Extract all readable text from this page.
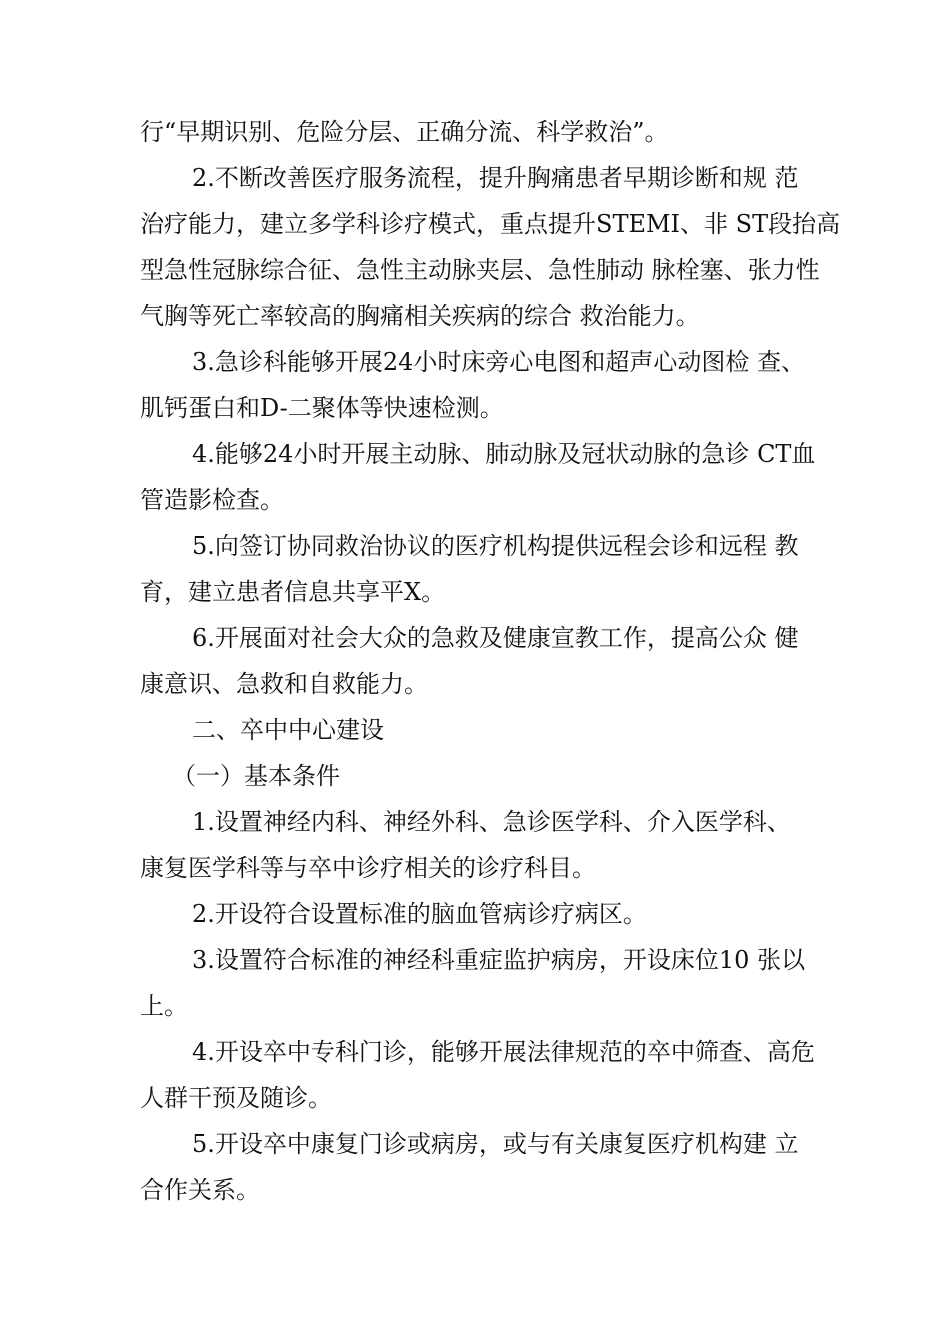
行“早期识别、危险分层、正确分流、科学救治”。
2.不断改善医疗服务流程，提升胸痛患者早期诊断和规 范
治疗能力，建立多学科诊疗模式，重点提升STEMI、非 ST段抬高
型急性冠脉综合征、急性主动脉夹层、急性肺动 脉栓塞、张力性
气胸等死亡率较高的胸痛相关疾病的综合 救治能力。
3.急诊科能够开展24小时床旁心电图和超声心动图检 查、
肌钙蛋白和D-二聚体等快速检测。
4.能够24小时开展主动脉、肺动脉及冠状动脉的急诊 CT血
管造影检查。
5.向签订协同救治协议的医疗机构提供远程会诊和远程 教
育，建立患者信息共享平X。
6.开展面对社会大众的急救及健康宣教工作，提高公众 健
康意识、急救和自救能力。
二、卒中中心建设
（一）基本条件
1.设置神经内科、神经外科、急诊医学科、介入医学科、
康复医学科等与卒中诊疗相关的诊疗科目。
2.开设符合设置标准的脑血管病诊疗病区。
3.设置符合标准的神经科重症监护病房，开设床位10 张以
上。
4.开设卒中专科门诊，能够开展法律规范的卒中筛查、高危
人群干预及随诊。
5.开设卒中康复门诊或病房，或与有关康复医疗机构建 立
合作关系。
